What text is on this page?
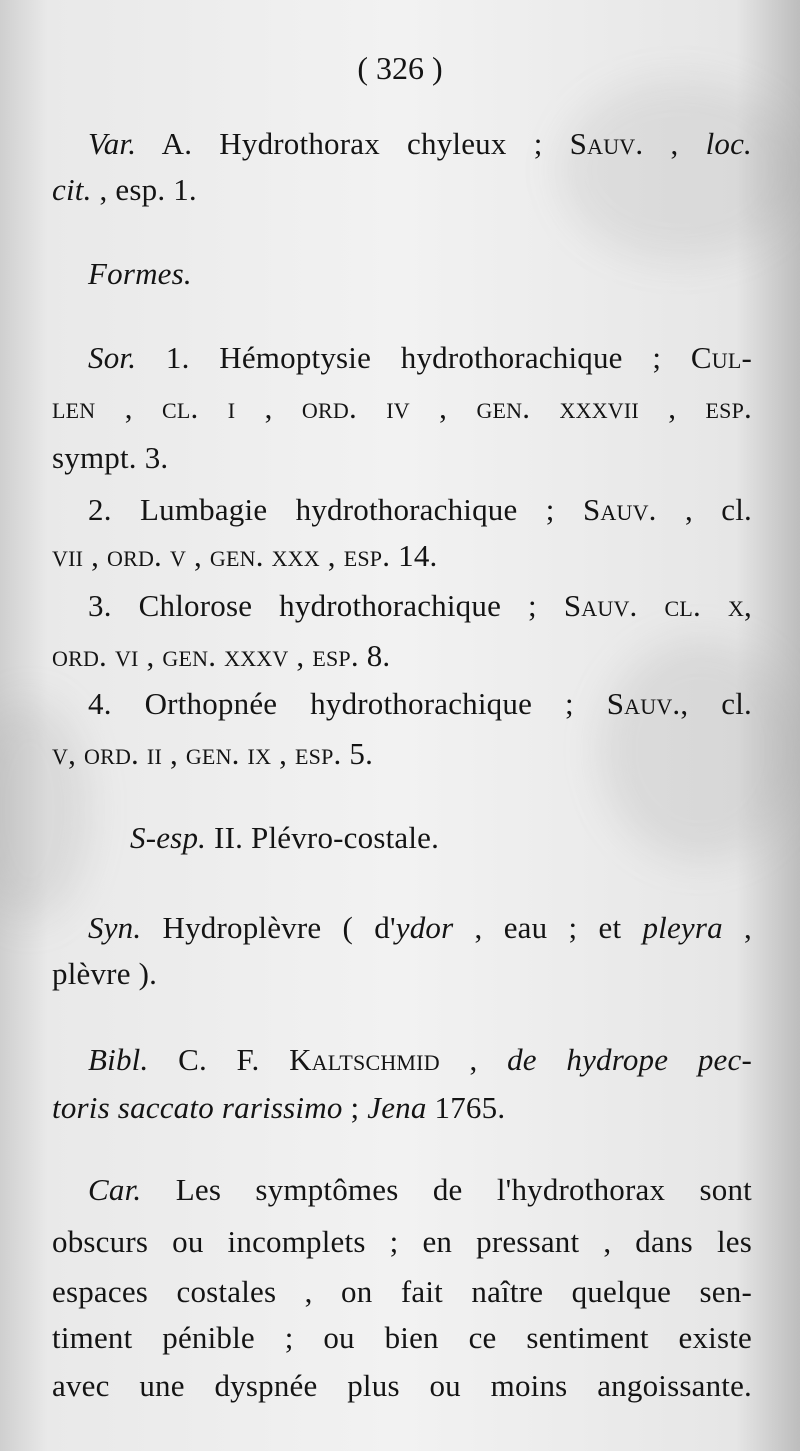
( 326 )
Var. A. Hydrothorax chyleux ; Sauv. , loc.
cit. , esp. 1.
Formes.
Sor. 1. Hémoptysie hydrothorachique ; Cul-
len , cl. i , ord. iv , gen. xxxvii , esp.
sympt. 3.
2. Lumbagie hydrothorachique ; Sauv. , cl.
vii , ord. v , gen. xxx , esp. 14.
3. Chlorose hydrothorachique ; Sauv. cl. x,
ord. vi , gen. xxxv , esp. 8.
4. Orthopnée hydrothorachique ; Sauv., cl.
v, ord. ii , gen. ix , esp. 5.
S-esp. II. Plévro-costale.
Syn. Hydroplèvre ( d'ydor , eau ; et pleyra ,
plèvre ).
Bibl. C. F. Kaltschmid , de hydrope pec-
toris saccato rarissimo ; Jena 1765.
Car. Les symptômes de l'hydrothorax sont
obscurs ou incomplets ; en pressant , dans les
espaces costales , on fait naître quelque sen-
timent pénible ; ou bien ce sentiment existe
avec une dyspnée plus ou moins angoissante.
